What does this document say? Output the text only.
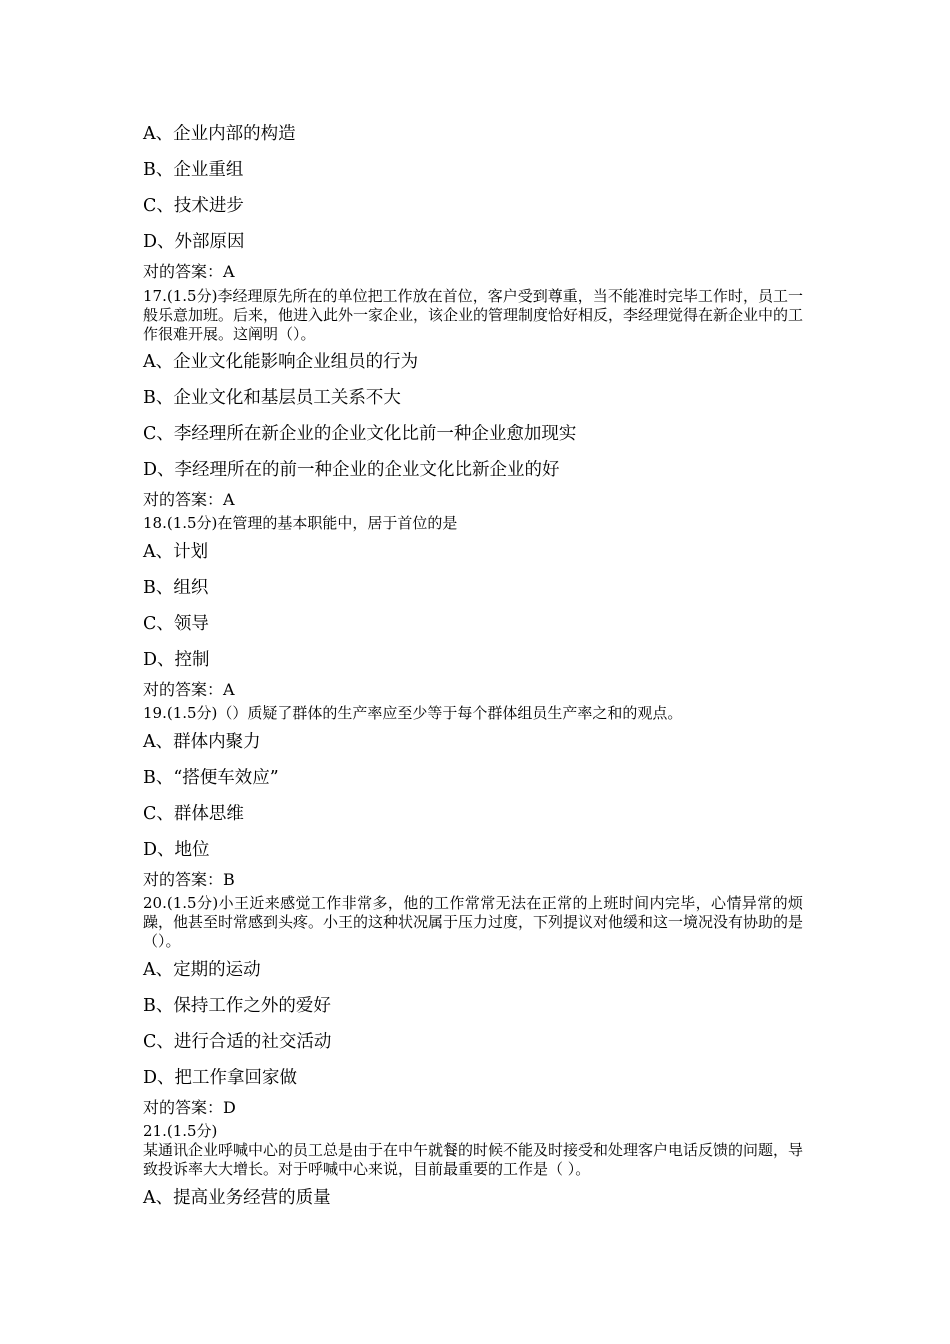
A、企业内部的构造
B、企业重组
C、技术进步
D、外部原因
对的答案：A
17.(1.5分)李经理原先所在的单位把工作放在首位，客户受到尊重，当不能准时完毕工作时，员工一般乐意加班。后来，他进入此外一家企业，该企业的管理制度恰好相反，李经理觉得在新企业中的工作很难开展。这阐明（）。
A、企业文化能影响企业组员的行为
B、企业文化和基层员工关系不大
C、李经理所在新企业的企业文化比前一种企业愈加现实
D、李经理所在的前一种企业的企业文化比新企业的好
对的答案：A
18.(1.5分)在管理的基本职能中，居于首位的是
A、计划
B、组织
C、领导
D、控制
对的答案：A
19.(1.5分)（）质疑了群体的生产率应至少等于每个群体组员生产率之和的观点。
A、群体内聚力
B、“搭便车效应”
C、群体思维
D、地位
对的答案：B
20.(1.5分)小王近来感觉工作非常多，他的工作常常无法在正常的上班时间内完毕，心情异常的烦躁，他甚至时常感到头疼。小王的这种状况属于压力过度，下列提议对他缓和这一境况没有协助的是（）。
A、定期的运动
B、保持工作之外的爱好
C、进行合适的社交活动
D、把工作拿回家做
对的答案：D
21.(1.5分)
某通讯企业呼喊中心的员工总是由于在中午就餐的时候不能及时接受和处理客户电话反馈的问题，导致投诉率大大增长。对于呼喊中心来说，目前最重要的工作是（ ）。
A、提高业务经营的质量
